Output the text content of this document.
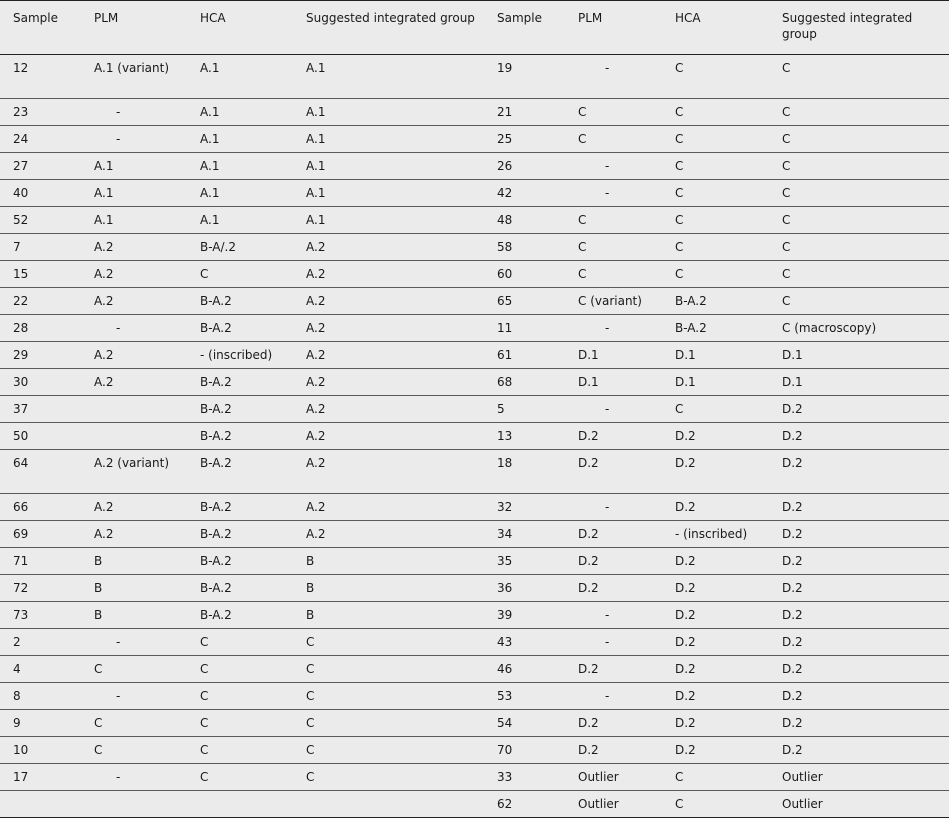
Sample	PLM	HCA	Suggested integrated group	Sample	PLM	HCA	Suggested integrated group
12	A.1 (variant)	A.1	A.1	19	-	C	C
23	-	A.1	A.1	21	C	C	C
24	-	A.1	A.1	25	C	C	C
27	A.1	A.1	A.1	26	-	C	C
40	A.1	A.1	A.1	42	-	C	C
52	A.1	A.1	A.1	48	C	C	C
7	A.2	B-A/.2	A.2	58	C	C	C
15	A.2	C	A.2	60	C	C	C
22	A.2	B-A.2	A.2	65	C (variant)	B-A.2	C
28	-	B-A.2	A.2	11	-	B-A.2	C (macroscopy)
29	A.2	- (inscribed)	A.2	61	D.1	D.1	D.1
30	A.2	B-A.2	A.2	68	D.1	D.1	D.1
37		B-A.2	A.2	5	-	C	D.2
50		B-A.2	A.2	13	D.2	D.2	D.2
64	A.2 (variant)	B-A.2	A.2	18	D.2	D.2	D.2
66	A.2	B-A.2	A.2	32	-	D.2	D.2
69	A.2	B-A.2	A.2	34	D.2	- (inscribed)	D.2
71	B	B-A.2	B	35	D.2	D.2	D.2
72	B	B-A.2	B	36	D.2	D.2	D.2
73	B	B-A.2	B	39	-	D.2	D.2
2	-	C	C	43	-	D.2	D.2
4	C	C	C	46	D.2	D.2	D.2
8	-	C	C	53	-	D.2	D.2
9	C	C	C	54	D.2	D.2	D.2
10	C	C	C	70	D.2	D.2	D.2
17	-	C	C	33	Outlier	C	Outlier
				62	Outlier	C	Outlier
